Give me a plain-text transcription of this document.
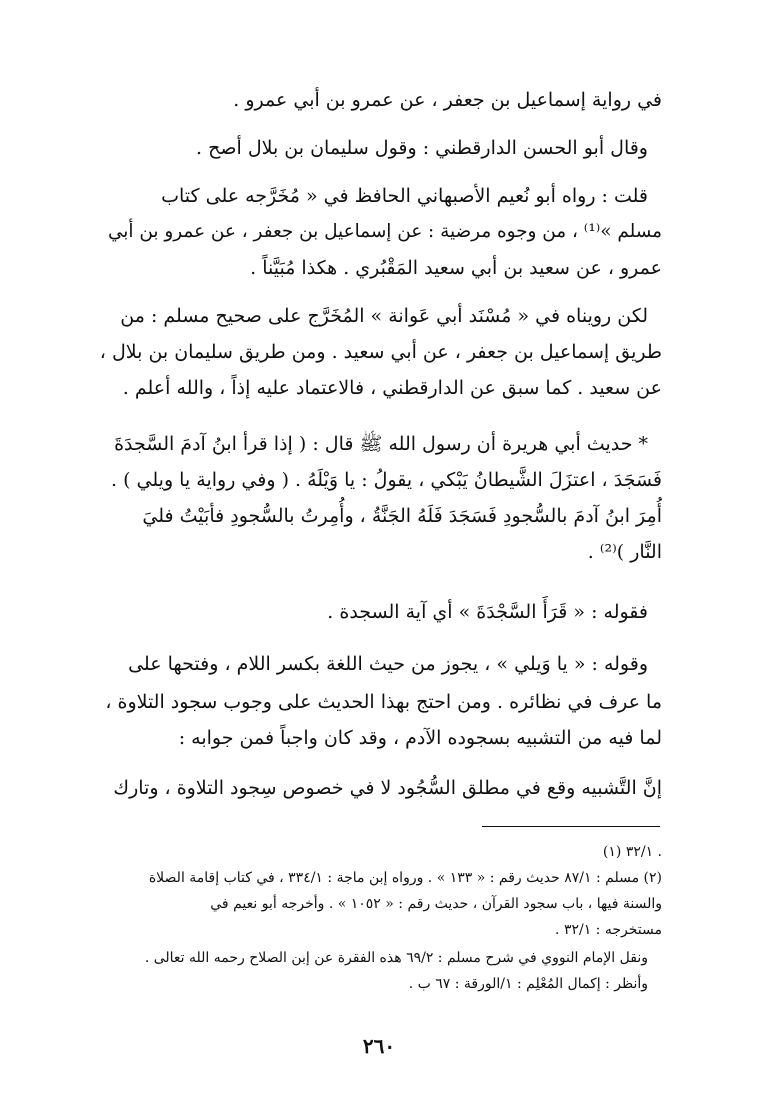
في رواية إسماعيل بن جعفر ، عن عمرو بن أبي عمرو .
وقال أبو الحسن الدارقطني : وقول سليمان بن بلال أصح .
قلت : رواه أبو نُعيم الأصبهاني الحافظ في « مُخَرَّجه على كتاب
مسلم »⁽¹⁾ ، من وجوه مرضية : عن إسماعيل بن جعفر ، عن عمرو بن أبي
عمرو ، عن سعيد بن أبي سعيد المَقْبُري . هكذا مُبَيَّناً .
لكن رويناه في « مُسْنَد أبي عَوانة » المُخَرَّج على صحيح مسلم : من
طريق إسماعيل بن جعفر ، عن أبي سعيد . ومن طريق سليمان بن بلال ،
عن سعيد . كما سبق عن الدارقطني ، فالاعتماد عليه إذاً ، والله أعلم .
* حديث أبي هريرة أن رسول الله ﷺ قال : ( إذا قرأ ابنُ آدمَ السَّجدَةَ
فَسَجَدَ ، اعتزَلَ الشَّيطانُ يَبْكي ، يقولُ : يا وَيْلَهُ . ( وفي رواية يا ويلي ) .
أُمِرَ ابنُ آدمَ بالسُّجودِ فَسَجَدَ فَلَهُ الجَنَّةُ ، وأُمِرتُ بالسُّجودِ فأبَيْتُ فليَ
النَّار )⁽²⁾ .
فقوله : « قَرَأَ السَّجْدَةَ » أي آية السجدة .
وقوله : « يا وَيلي » ، يجوز من حيث اللغة بكسر اللام ، وفتحها على
ما عرف في نظائره . ومن احتج بهذا الحديث على وجوب سجود التلاوة ،
لما فيه من التشبيه بسجوده الآدم ، وقد كان واجباً فمن جوابه :
إنَّ التَّشبيه وقع في مطلق السُّجُود لا في خصوص سِجود التلاوة ، وتارك
(١) ٣٢/١ .
(٢) مسلم : ٨٧/١ حديث رقم : « ١٣٣ » . ورواه إبن ماجة : ٣٣٤/١ ، في كتاب إقامة الصلاة
والسنة فيها ، باب سجود القرآن ، حديث رقم : « ١٠٥٢ » . وأخرجه أبو نعيم في
مستخرجه : ٣٢/١ .
ونقل الإمام النووي في شرح مسلم : ٦٩/٢ هذه الفقرة عن إبن الصلاح رحمه الله تعالى .
وأنظر : إكمال المُعْلِم : ١/الورقة : ٦٧ ب .
٢٦٠
